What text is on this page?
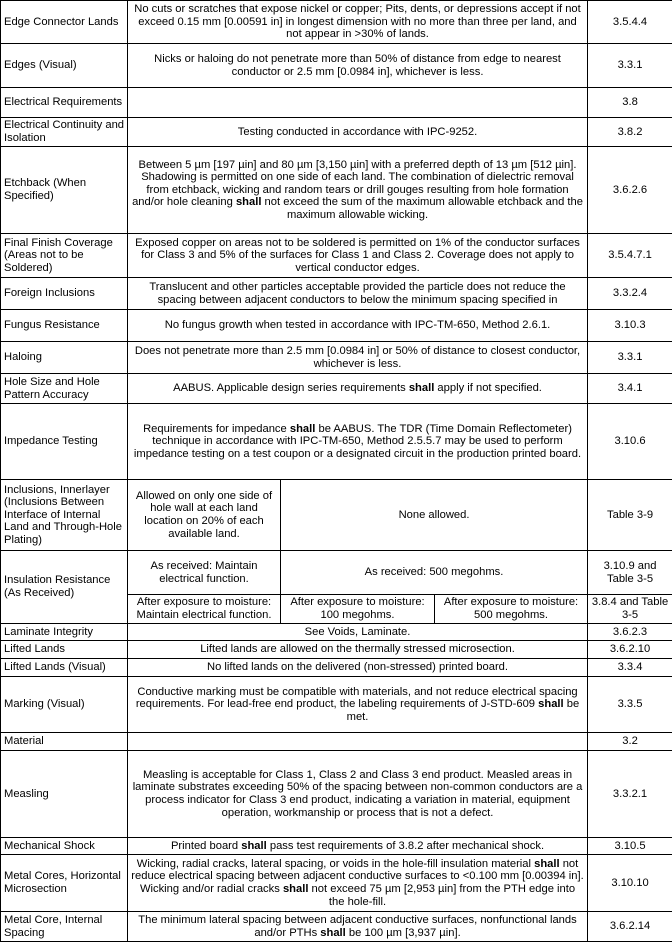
Edge Connector Lands	No cuts or scratches that expose nickel or copper; Pits, dents, or depressions accept if not exceed 0.15 mm [0.00591 in] in longest dimension with no more than three per land, and not appear in >30% of lands.			3.5.4.4
Edges (Visual)	Nicks or haloing do not penetrate more than 50% of distance from edge to nearest conductor or 2.5 mm [0.0984 in], whichever is less.			3.3.1
Electrical Requirements				3.8
Electrical Continuity and Isolation	Testing conducted in accordance with IPC-9252.			3.8.2
Etchback (When Specified)	Between 5 µm [197 µin] and 80 µm [3,150 µin] with a preferred depth of 13 µm [512 µin]. Shadowing is permitted on one side of each land. The combination of dielectric removal from etchback, wicking and random tears or drill gouges resulting from hole formation and/or hole cleaning shall not exceed the sum of the maximum allowable etchback and the maximum allowable wicking.			3.6.2.6
Final Finish Coverage (Areas not to be Soldered)	Exposed copper on areas not to be soldered is permitted on 1% of the conductor surfaces for Class 3 and 5% of the surfaces for Class 1 and Class 2. Coverage does not apply to vertical conductor edges.			3.5.4.7.1
Foreign Inclusions	Translucent and other particles acceptable provided the particle does not reduce the spacing between adjacent conductors to below the minimum spacing specified in			3.3.2.4
Fungus Resistance	No fungus growth when tested in accordance with IPC-TM-650, Method 2.6.1.			3.10.3
Haloing	Does not penetrate more than 2.5 mm [0.0984 in] or 50% of distance to closest conductor, whichever is less.			3.3.1
Hole Size and Hole Pattern Accuracy	AABUS. Applicable design series requirements shall apply if not specified.			3.4.1
Impedance Testing	Requirements for impedance shall be AABUS. The TDR (Time Domain Reflectometer) technique in accordance with IPC-TM-650, Method 2.5.5.7 may be used to perform impedance testing on a test coupon or a designated circuit in the production printed board.			3.10.6
Inclusions, Innerlayer (Inclusions Between Interface of Internal Land and Through-Hole Plating)	Allowed on only one side of hole wall at each land location on 20% of each available land.	None allowed.		Table 3-9
Insulation Resistance (As Received)	As received: Maintain electrical function.	As received: 500 megohms.		3.10.9 and Table 3-5
	After exposure to moisture: Maintain electrical function.	After exposure to moisture: 100 megohms.	After exposure to moisture: 500 megohms.	3.8.4 and Table 3-5
Laminate Integrity	See Voids, Laminate.			3.6.2.3
Lifted Lands	Lifted lands are allowed on the thermally stressed microsection.			3.6.2.10
Lifted Lands (Visual)	No lifted lands on the delivered (non-stressed) printed board.			3.3.4
Marking (Visual)	Conductive marking must be compatible with materials, and not reduce electrical spacing requirements. For lead-free end product, the labeling requirements of J-STD-609 shall be met.			3.3.5
Material				3.2
Measling	Measling is acceptable for Class 1, Class 2 and Class 3 end product. Measled areas in laminate substrates exceeding 50% of the spacing between non-common conductors are a process indicator for Class 3 end product, indicating a variation in material, equipment operation, workmanship or process that is not a defect.			3.3.2.1
Mechanical Shock	Printed board shall pass test requirements of 3.8.2 after mechanical shock.			3.10.5
Metal Cores, Horizontal Microsection	Wicking, radial cracks, lateral spacing, or voids in the hole-fill insulation material shall not reduce electrical spacing between adjacent conductive surfaces to <0.100 mm [0.00394 in]. Wicking and/or radial cracks shall not exceed 75 µm [2,953 µin] from the PTH edge into the hole-fill.			3.10.10
Metal Core, Internal Spacing	The minimum lateral spacing between adjacent conductive surfaces, nonfunctional lands and/or PTHs shall be 100 µm [3,937 µin].			3.6.2.14
